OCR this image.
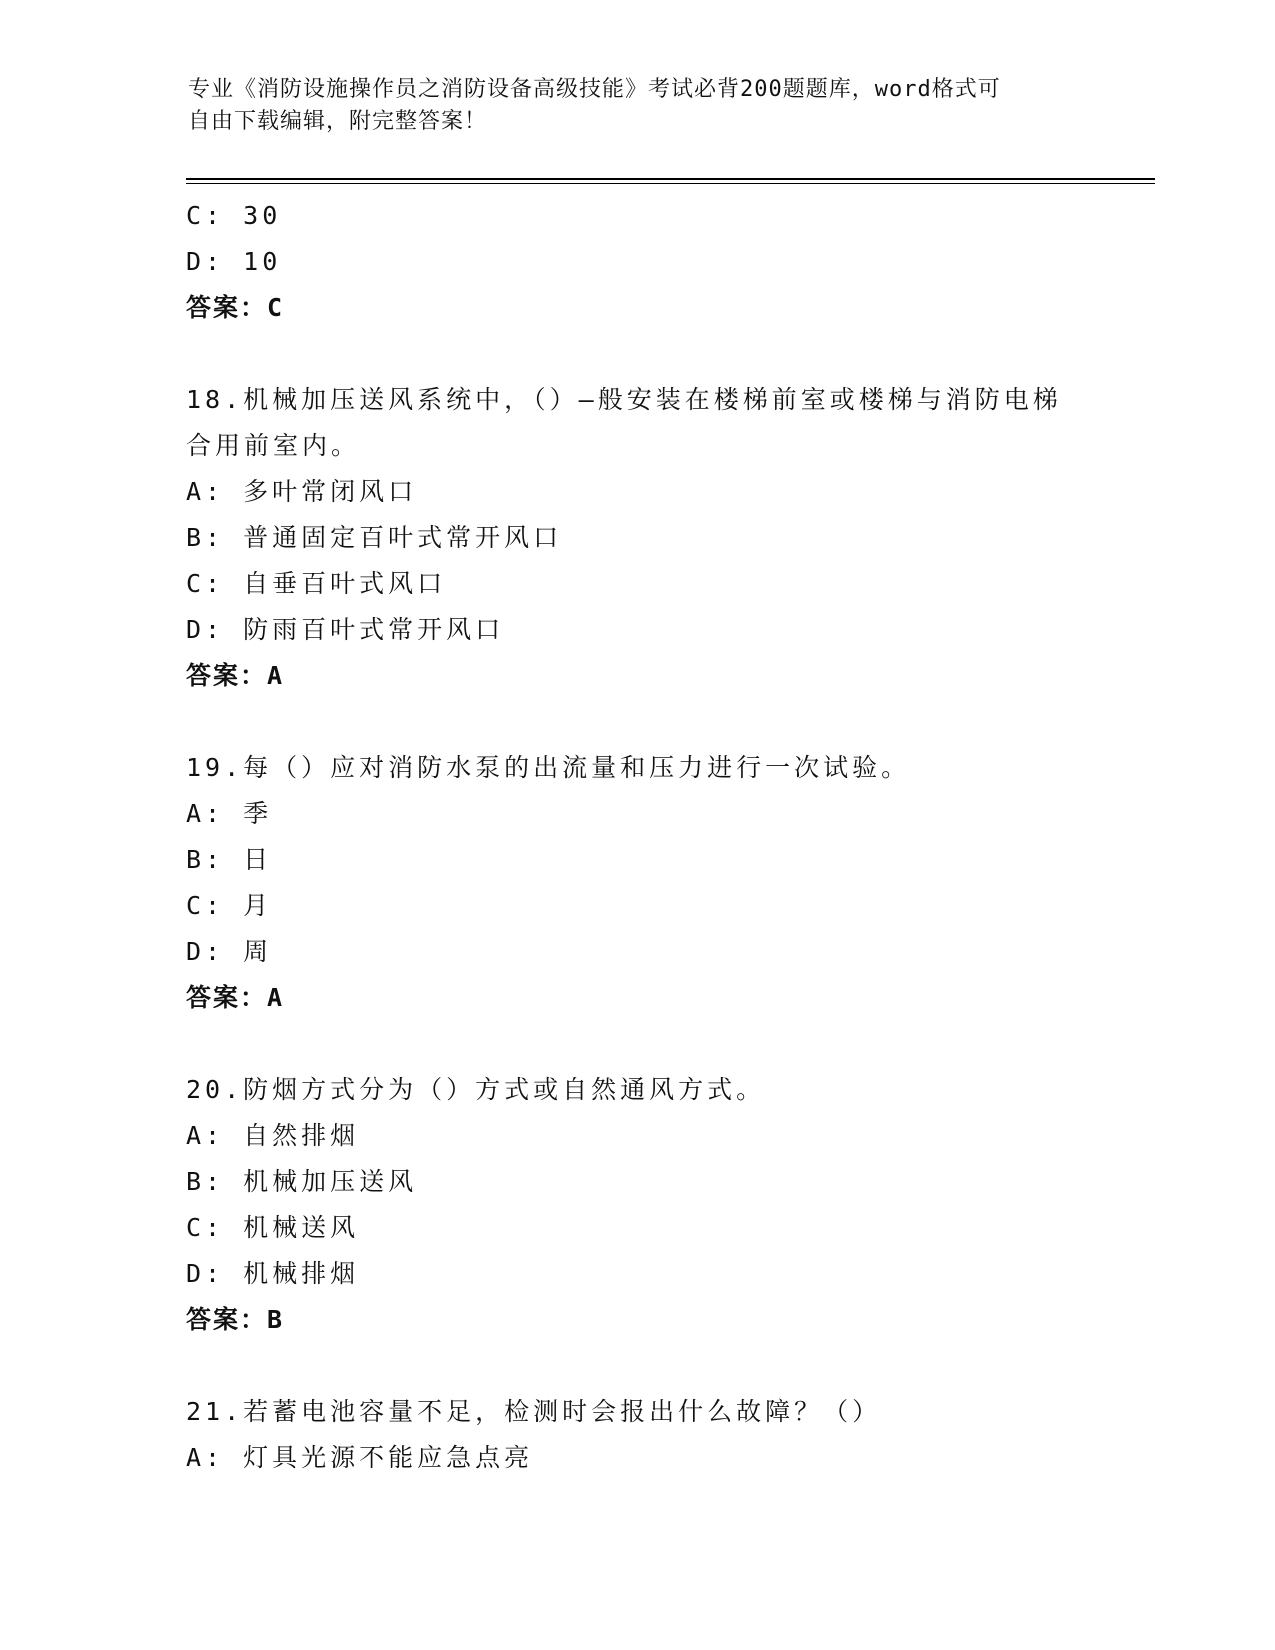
专业《消防设施操作员之消防设备高级技能》考试必背200题题库，word格式可
自由下载编辑，附完整答案！
C: 30
D: 10
答案：C
18.机械加压送风系统中，（）—般安装在楼梯前室或楼梯与消防电梯
合用前室内。
A: 多叶常闭风口
B: 普通固定百叶式常开风口
C: 自垂百叶式风口
D: 防雨百叶式常开风口
答案：A
19.每（）应对消防水泵的出流量和压力进行一次试验。
A: 季
B: 日
C: 月
D: 周
答案：A
20.防烟方式分为（）方式或自然通风方式。
A: 自然排烟
B: 机械加压送风
C: 机械送风
D: 机械排烟
答案：B
21.若蓄电池容量不足，检测时会报出什么故障？（）
A: 灯具光源不能应急点亮
